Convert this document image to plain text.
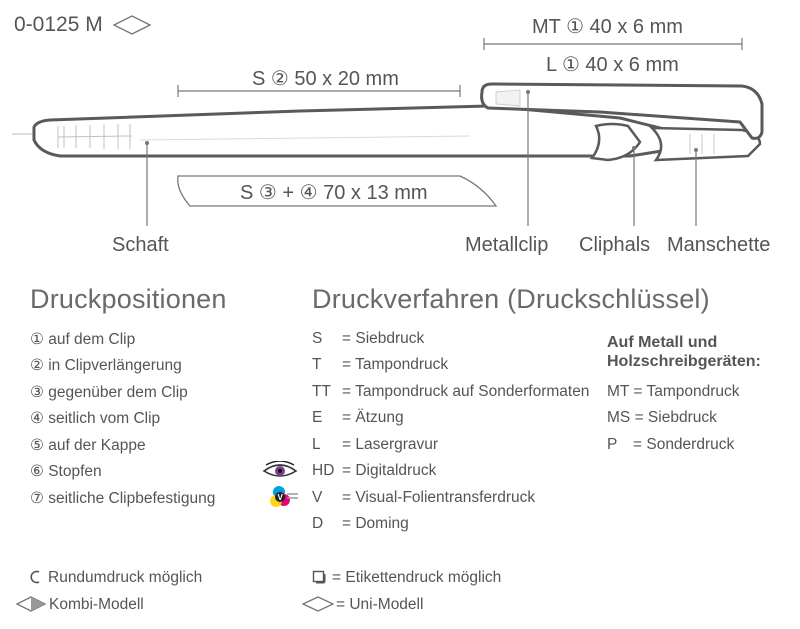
0-0125 M	MT ① 40 x 6 mm
L ① 40 x 6 mm
S ② 50 x 20 mm
S ③ + ④ 70 x 13 mm
Schaft	Metallclip Cliphals Manschette
Druckpositionen	Druckverfahren (Druckschlüssel)
① auf dem Clip
② in Clipverlängerung
③ gegenüber dem Clip
④ seitlich vom Clip
⑤ auf der Kappe
⑥ Stopfen
⑦ seitliche Clipbefestigung
S = Siebdruck
T = Tampondruck
TT = Tampondruck auf Sonderformaten
E = Ätzung
L = Lasergravur
HD = Digitaldruck
V = Visual-Folientransferdruck
D = Doming
V
Auf Metall und
Holzschreibgeräten:
MT = Tampondruck
MS = Siebdruck
P = Sonderdruck
Rundumdruck möglich
Kombi-Modell
= Etikettendruck möglich
= Uni-Modell
